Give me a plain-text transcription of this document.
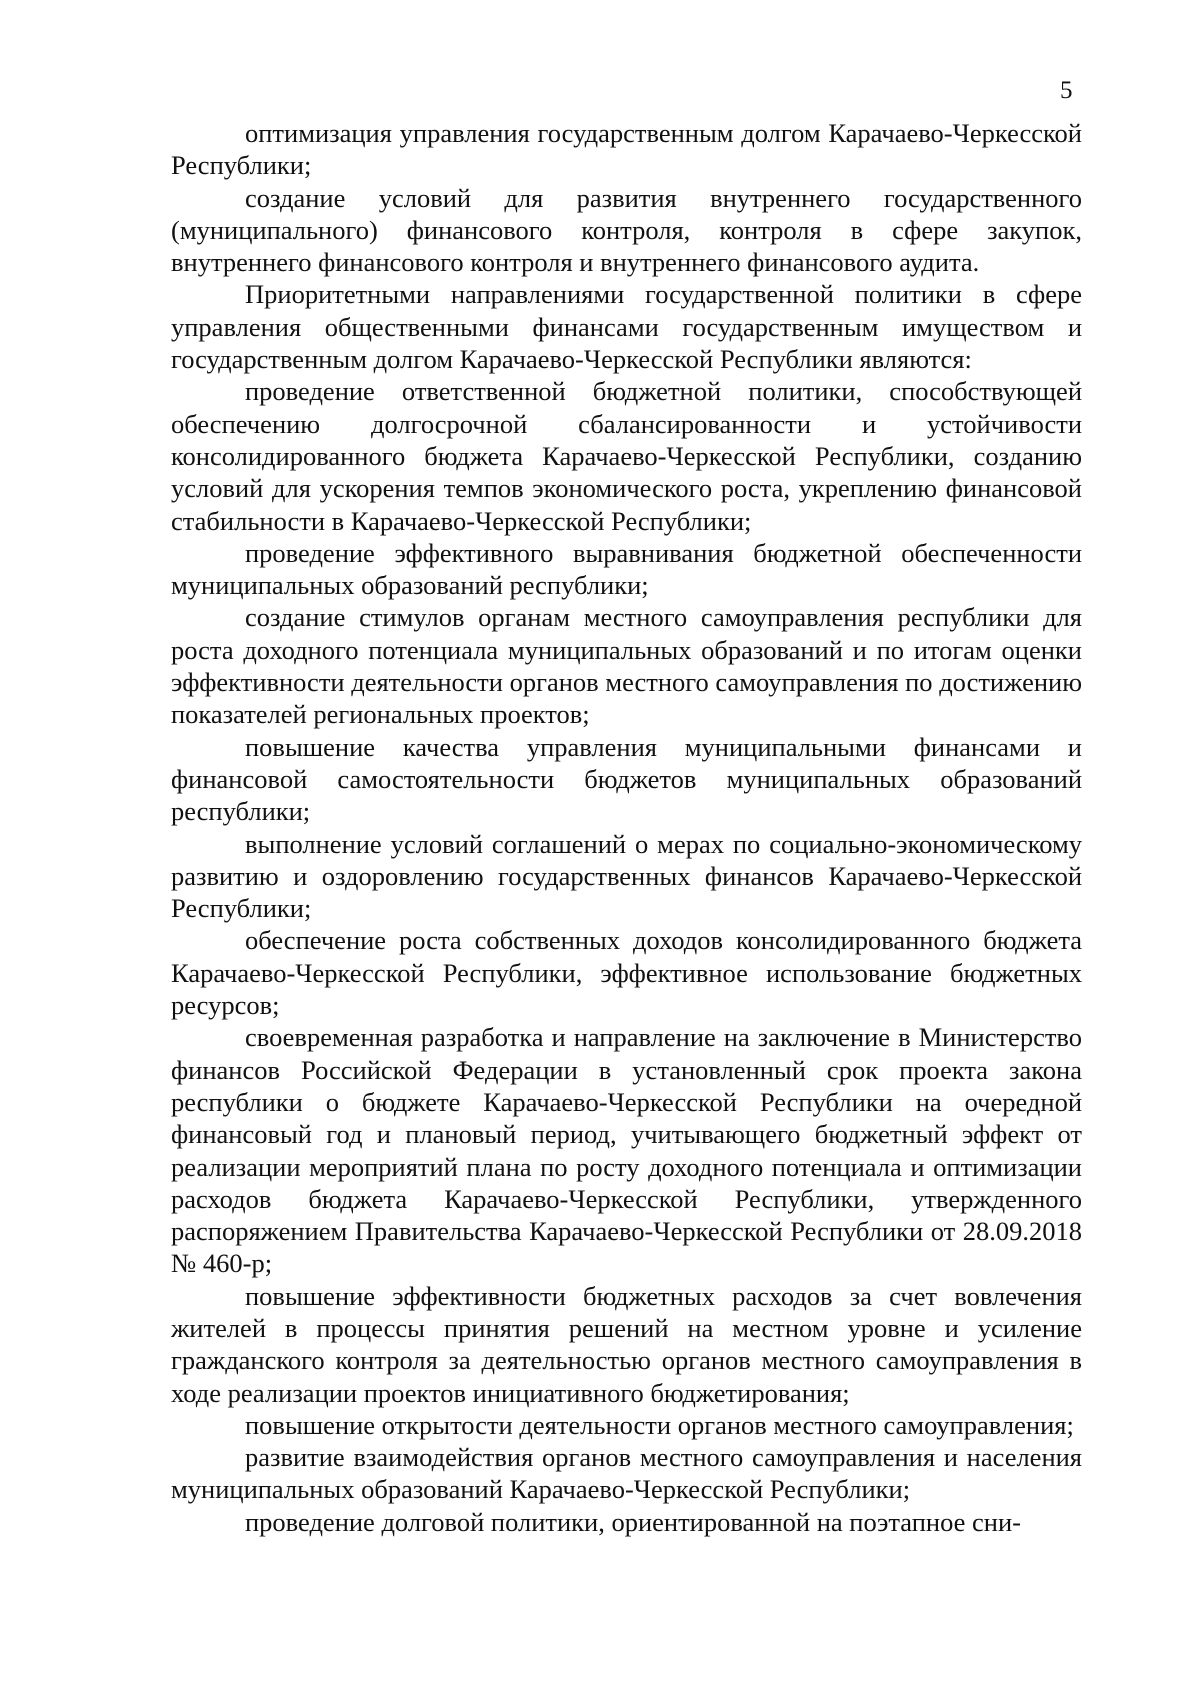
5

оптимизация управления государственным долгом Карачаево-Черкесской Республики;

создание условий для развития внутреннего государственного (муниципального) финансового контроля, контроля в сфере закупок, внутреннего финансового контроля и внутреннего финансового аудита.

Приоритетными направлениями государственной политики в сфере управления общественными финансами государственным имуществом и государственным долгом Карачаево-Черкесской Республики являются:

проведение ответственной бюджетной политики, способствующей обеспечению долгосрочной сбалансированности и устойчивости консолидированного бюджета Карачаево-Черкесской Республики, созданию условий для ускорения темпов экономического роста, укреплению финансовой стабильности в Карачаево-Черкесской Республики;

проведение эффективного выравнивания бюджетной обеспеченности муниципальных образований республики;

создание стимулов органам местного самоуправления республики для роста доходного потенциала муниципальных образований и по итогам оценки эффективности деятельности органов местного самоуправления по достижению показателей региональных проектов;

повышение качества управления муниципальными финансами и финансовой самостоятельности бюджетов муниципальных образований республики;

выполнение условий соглашений о мерах по социально-экономическому развитию и оздоровлению государственных финансов Карачаево-Черкесской Республики;

обеспечение роста собственных доходов консолидированного бюджета Карачаево-Черкесской Республики, эффективное использование бюджетных ресурсов;

своевременная разработка и направление на заключение в Министерство финансов Российской Федерации в установленный срок проекта закона республики о бюджете Карачаево-Черкесской Республики на очередной финансовый год и плановый период, учитывающего бюджетный эффект от реализации мероприятий плана по росту доходного потенциала и оптимизации расходов бюджета Карачаево-Черкесской Республики, утвержденного распоряжением Правительства Карачаево-Черкесской Республики от 28.09.2018 № 460-р;

повышение эффективности бюджетных расходов за счет вовлечения жителей в процессы принятия решений на местном уровне и усиление гражданского контроля за деятельностью органов местного самоуправления в ходе реализации проектов инициативного бюджетирования;

повышение открытости деятельности органов местного самоуправления;

развитие взаимодействия органов местного самоуправления и населения муниципальных образований Карачаево-Черкесской Республики;

проведение долговой политики, ориентированной на поэтапное сни-
